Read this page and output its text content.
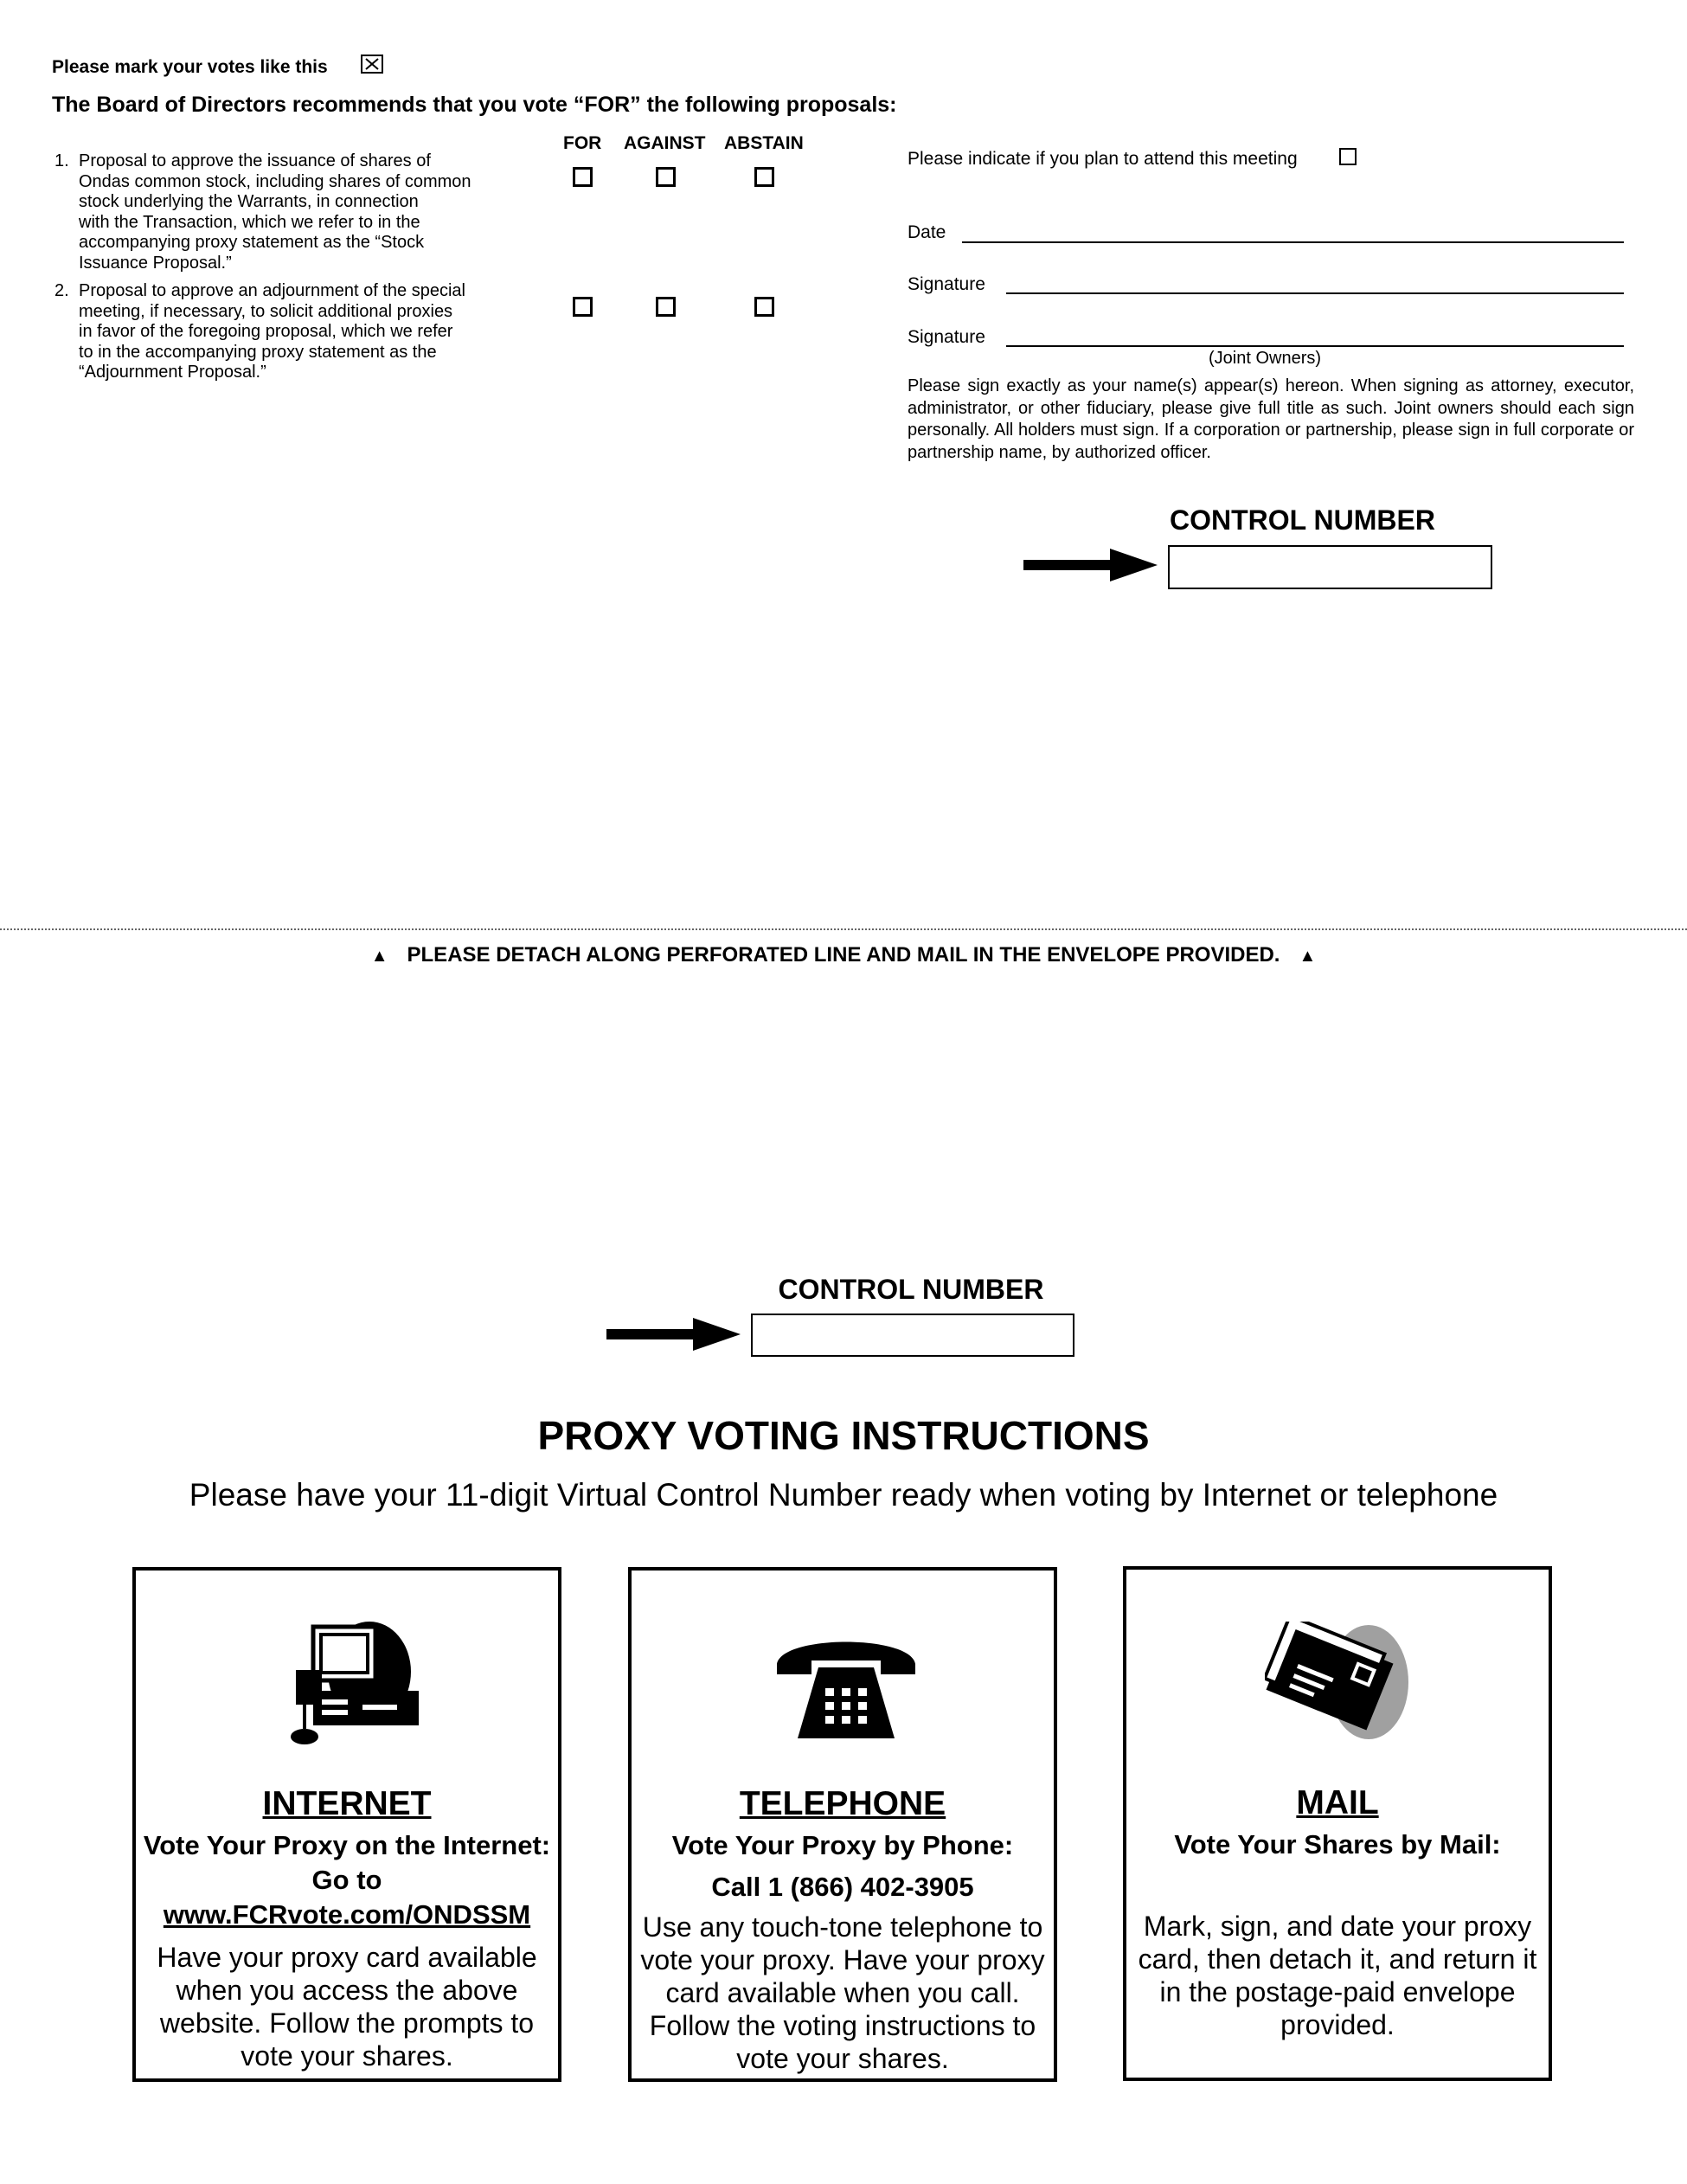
Please mark your votes like this
The Board of Directors recommends that you vote “FOR” the following proposals:
FOR AGAINST ABSTAIN
1. Proposal to approve the issuance of shares of
Ondas common stock, including shares of common
stock underlying the Warrants, in connection
with the Transaction, which we refer to in the
accompanying proxy statement as the “Stock
Issuance Proposal.”
2. Proposal to approve an adjournment of the special
meeting, if necessary, to solicit additional proxies
in favor of the foregoing proposal, which we refer
to in the accompanying proxy statement as the
“Adjournment Proposal.”
Please indicate if you plan to attend this meeting
Date
Signature
Signature
(Joint Owners)
Please sign exactly as your name(s) appear(s) hereon. When signing as attorney, executor, administrator, or other fiduciary, please give full title as such. Joint owners should each sign personally. All holders must sign. If a corporation or partnership, please sign in full corporate or partnership name, by authorized officer.
CONTROL NUMBER
▲ PLEASE DETACH ALONG PERFORATED LINE AND MAIL IN THE ENVELOPE PROVIDED. ▲
CONTROL NUMBER
PROXY VOTING INSTRUCTIONS
Please have your 11-digit Virtual Control Number ready when voting by Internet or telephone
INTERNET
Vote Your Proxy on the Internet:
Go to
www.FCRvote.com/ONDSSM
Have your proxy card available when you access the above website. Follow the prompts to vote your shares.
TELEPHONE
Vote Your Proxy by Phone:
Call 1 (866) 402-3905
Use any touch-tone telephone to vote your proxy. Have your proxy card available when you call. Follow the voting instructions to vote your shares.
MAIL
Vote Your Shares by Mail:
Mark, sign, and date your proxy card, then detach it, and return it in the postage-paid envelope provided.
